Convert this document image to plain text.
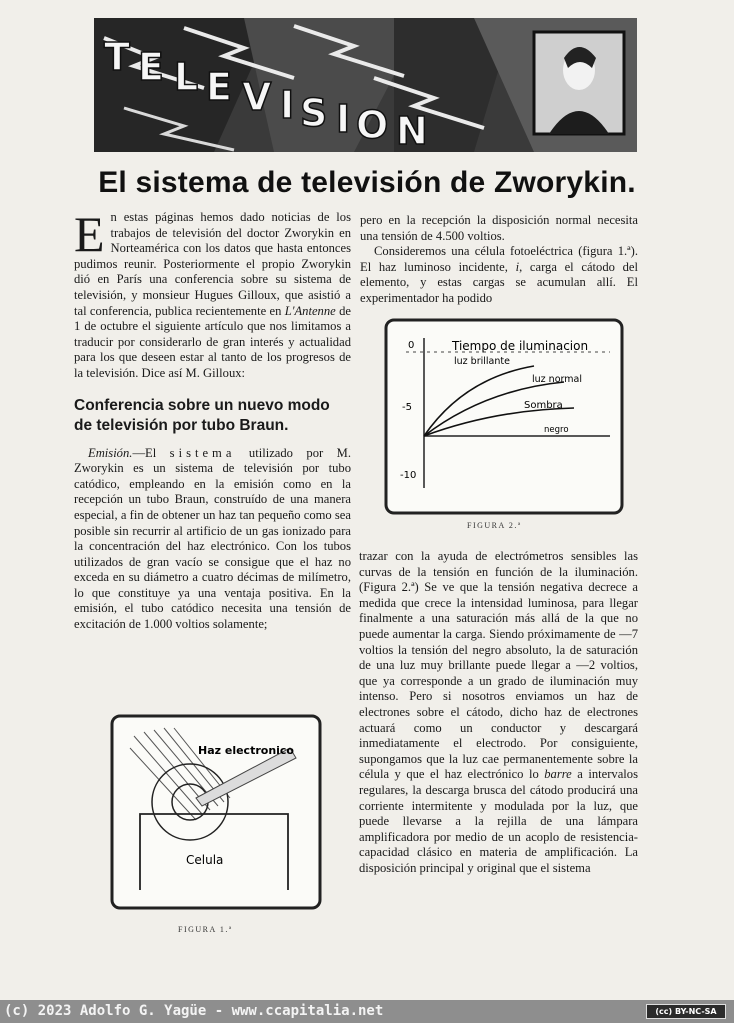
T E L E V I S I O N
El sistema de televisión de Zworykin.

En estas páginas hemos dado noticias de los trabajos de televisión del doctor Zworykin en Norteamérica con los datos que hasta entonces pudimos reunir. Posteriormente el propio Zworykin dió en París una conferencia sobre su sistema de televisión, y monsieur Hugues Gilloux, que asistió a tal conferencia, publica recientemente en L'Antenne de 1 de octubre el siguiente artículo que nos limitamos a traducir por considerarlo de gran interés y actualidad para los que deseen estar al tanto de los progresos de la televisión. Dice así M. Gilloux:

Conferencia sobre un nuevo modo de televisión por tubo Braun.

Emisión.—El sistema utilizado por M. Zworykin es un sistema de televisión por tubo catódico, empleando en la emisión como en la recepción un tubo Braun, construído de una manera especial, a fin de obtener un haz tan pequeño como sea posible sin recurrir al artificio de un gas ionizado para la concentración del haz electrónico. Con los tubos utilizados de gran vacío se consigue que el haz no exceda en su diámetro a cuatro décimas de milímetro, lo que constituye ya una ventaja positiva. En la emisión, el tubo catódico necesita una tensión de excitación de 1.000 voltios solamente;

pero en la recepción la disposición normal necesita una tensión de 4.500 voltios.

Consideremos una célula fotoeléctrica (figura 1.ª). El haz luminoso incidente, i, carga el cátodo del elemento, y estas cargas se acumulan allí. El experimentador ha podido

0
-5
-10
Tiempo de iluminacion
luz brillante
luz normal
Sombra
negro
FIGURA 2.ª

trazar con la ayuda de electrómetros sensibles las curvas de la tensión en función de la iluminación. (Figura 2.ª) Se ve que la tensión negativa decrece a medida que crece la intensidad luminosa, para llegar finalmente a una saturación más allá de la que no puede aumentar la carga. Siendo próximamente de —7 voltios la tensión del negro absoluto, la de saturación de una luz muy brillante puede llegar a —2 voltios, que ya corresponde a un grado de iluminación muy intenso. Pero si nosotros enviamos un haz de electrones sobre el cátodo, dicho haz de electrones actuará como un conductor y descargará inmediatamente el electrodo. Por consiguiente, supongamos que la luz cae permanentemente sobre la célula y que el haz electrónico lo barre a intervalos regulares, la descarga brusca del cátodo producirá una corriente intermitente y modulada por la luz, que puede llevarse a la rejilla de una lámpara amplificadora por medio de un acoplo de resistencia-capacidad clásico en materia de amplificación. La disposición principal y original que el sistema

Haz electronico
Celula
FIGURA 1.ª
(c) 2023 Adolfo G. Yagüe - www.ccapitalia.net	(cc) BY-NC-SA
